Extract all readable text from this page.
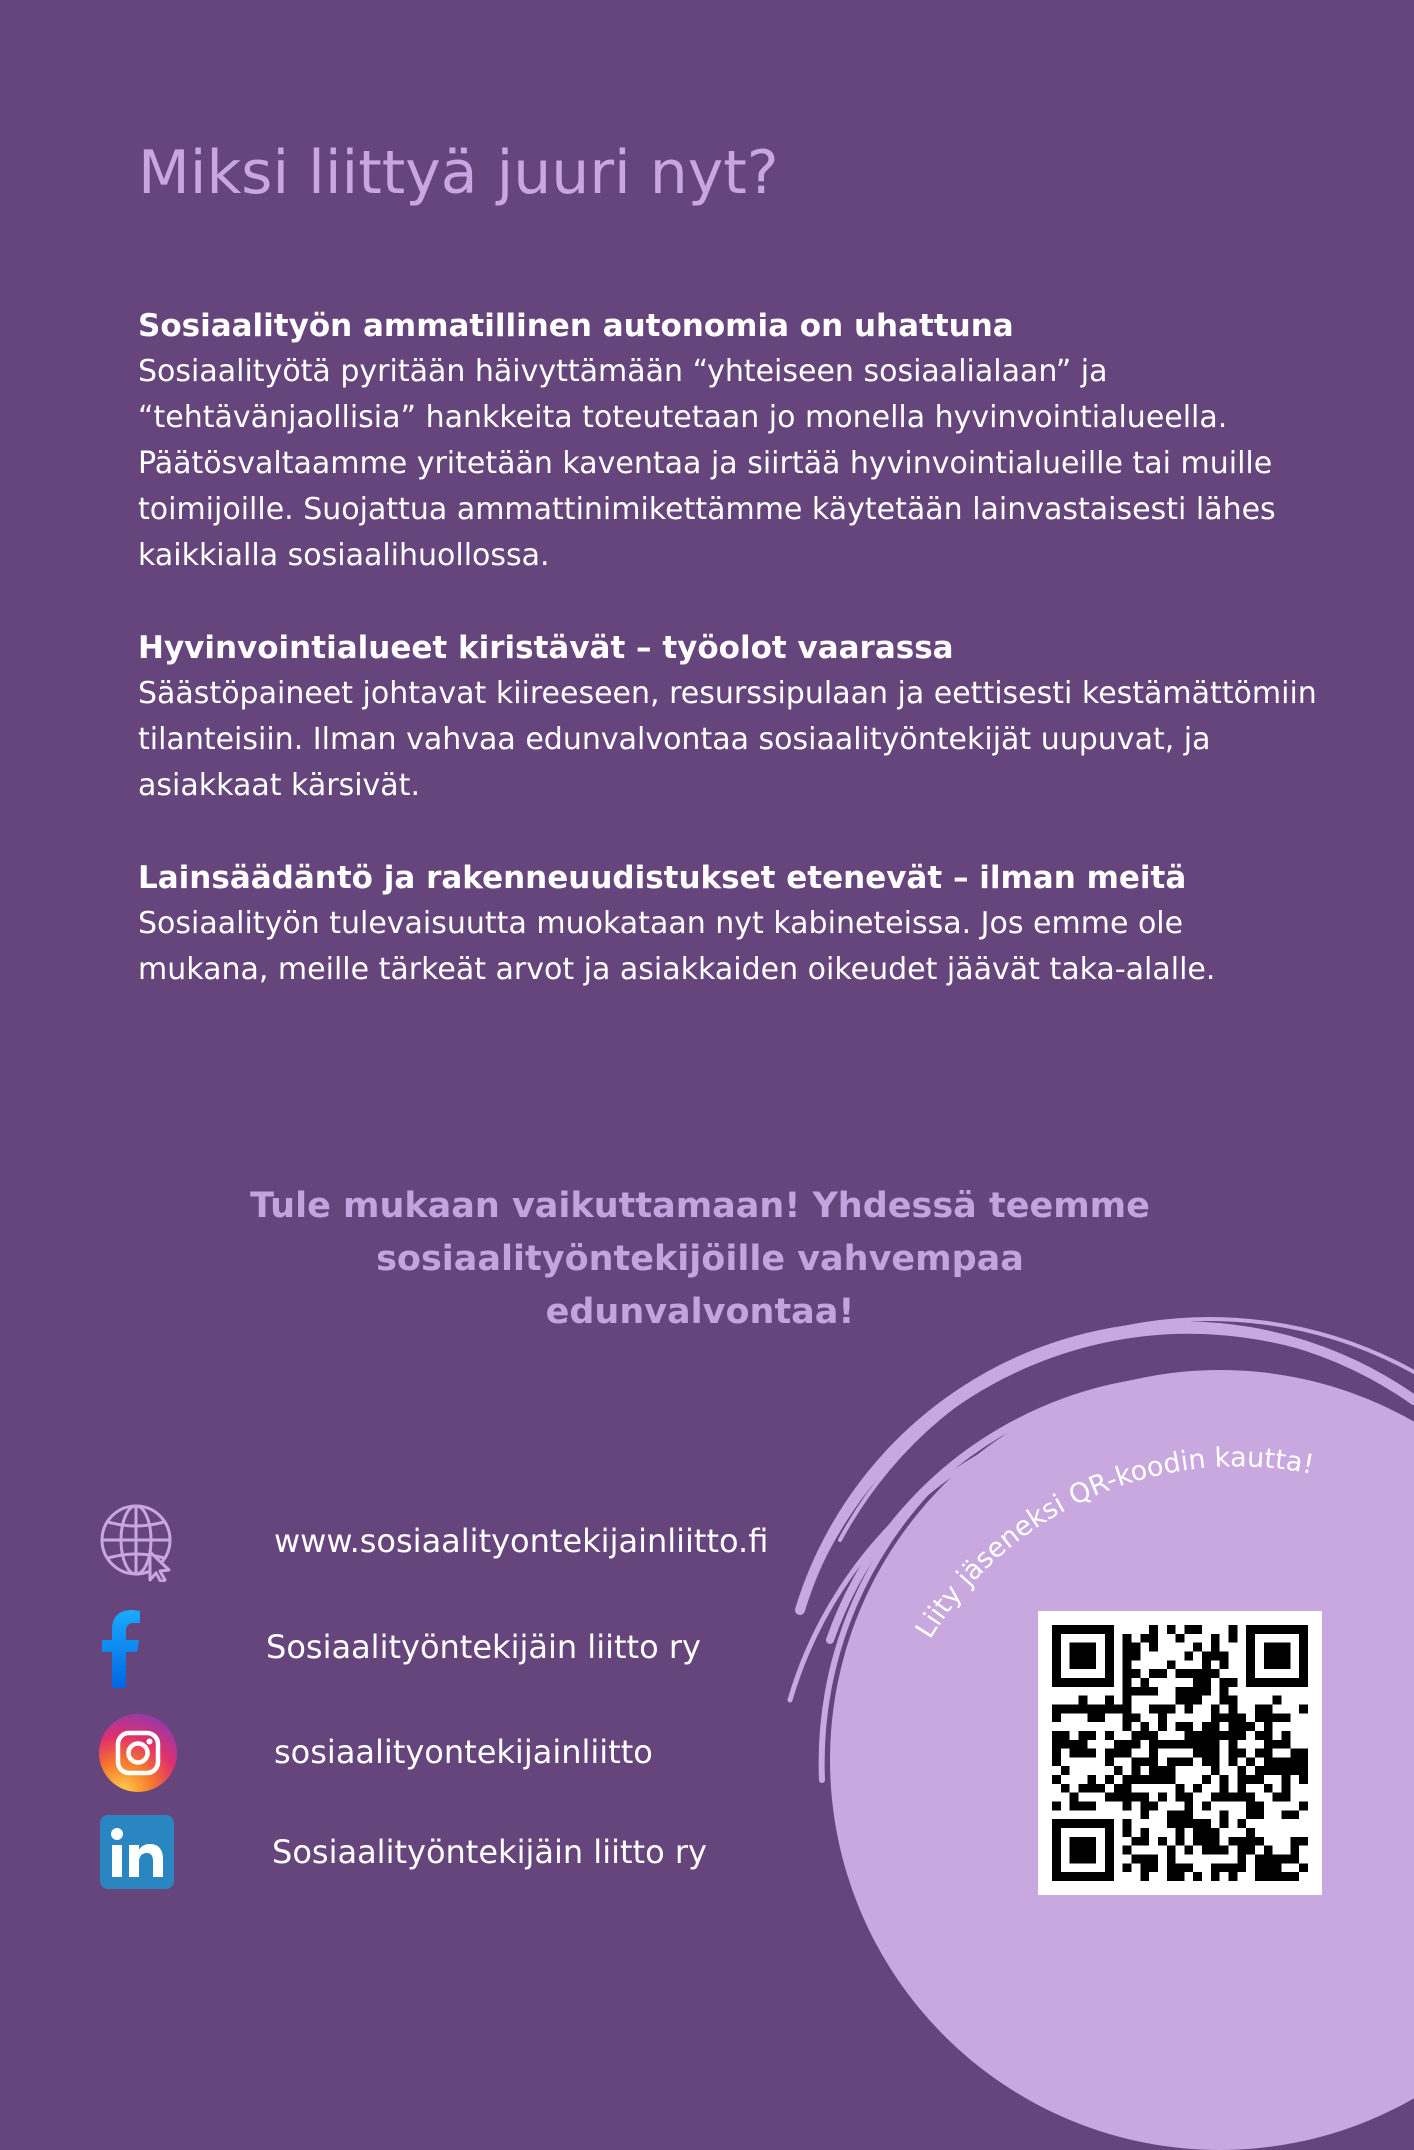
Miksi liittyä juuri nyt?
Sosiaalityön ammatillinen autonomia on uhattuna

Sosiaalityötä pyritään häivyttämään “yhteiseen sosiaalialaan” ja “tehtävänjaollisia” hankkeita toteutetaan jo monella hyvinvointialueella. Päätösvaltaamme yritetään kaventaa ja siirtää hyvinvointialueille tai muille toimijoille. Suojattua ammattinimikettämme käytetään lainvastaisesti lähes kaikkialla sosiaalihuollossa.

Hyvinvointialueet kiristävät – työolot vaarassa

Säästöpaineet johtavat kiireeseen, resurssipulaan ja eettisesti kestämättömiin tilanteisiin. Ilman vahvaa edunvalvontaa sosiaalityöntekijät uupuvat, ja asiakkaat kärsivät.

Lainsäädäntö ja rakenneuudistukset etenevät – ilman meitä

Sosiaalityön tulevaisuutta muokataan nyt kabineteissa. Jos emme ole mukana, meille tärkeät arvot ja asiakkaiden oikeudet jäävät taka-alalle.

Tule mukaan vaikuttamaan! Yhdessä teemme sosiaalityöntekijöille vahvempaa edunvalvontaa!

Liity jäseneksi QR-koodin kautta!
www.sosiaalityontekijainliitto.fi
Sosiaalityöntekijäin liitto ry
sosiaalityontekijainliitto
Sosiaalityöntekijäin liitto ry
